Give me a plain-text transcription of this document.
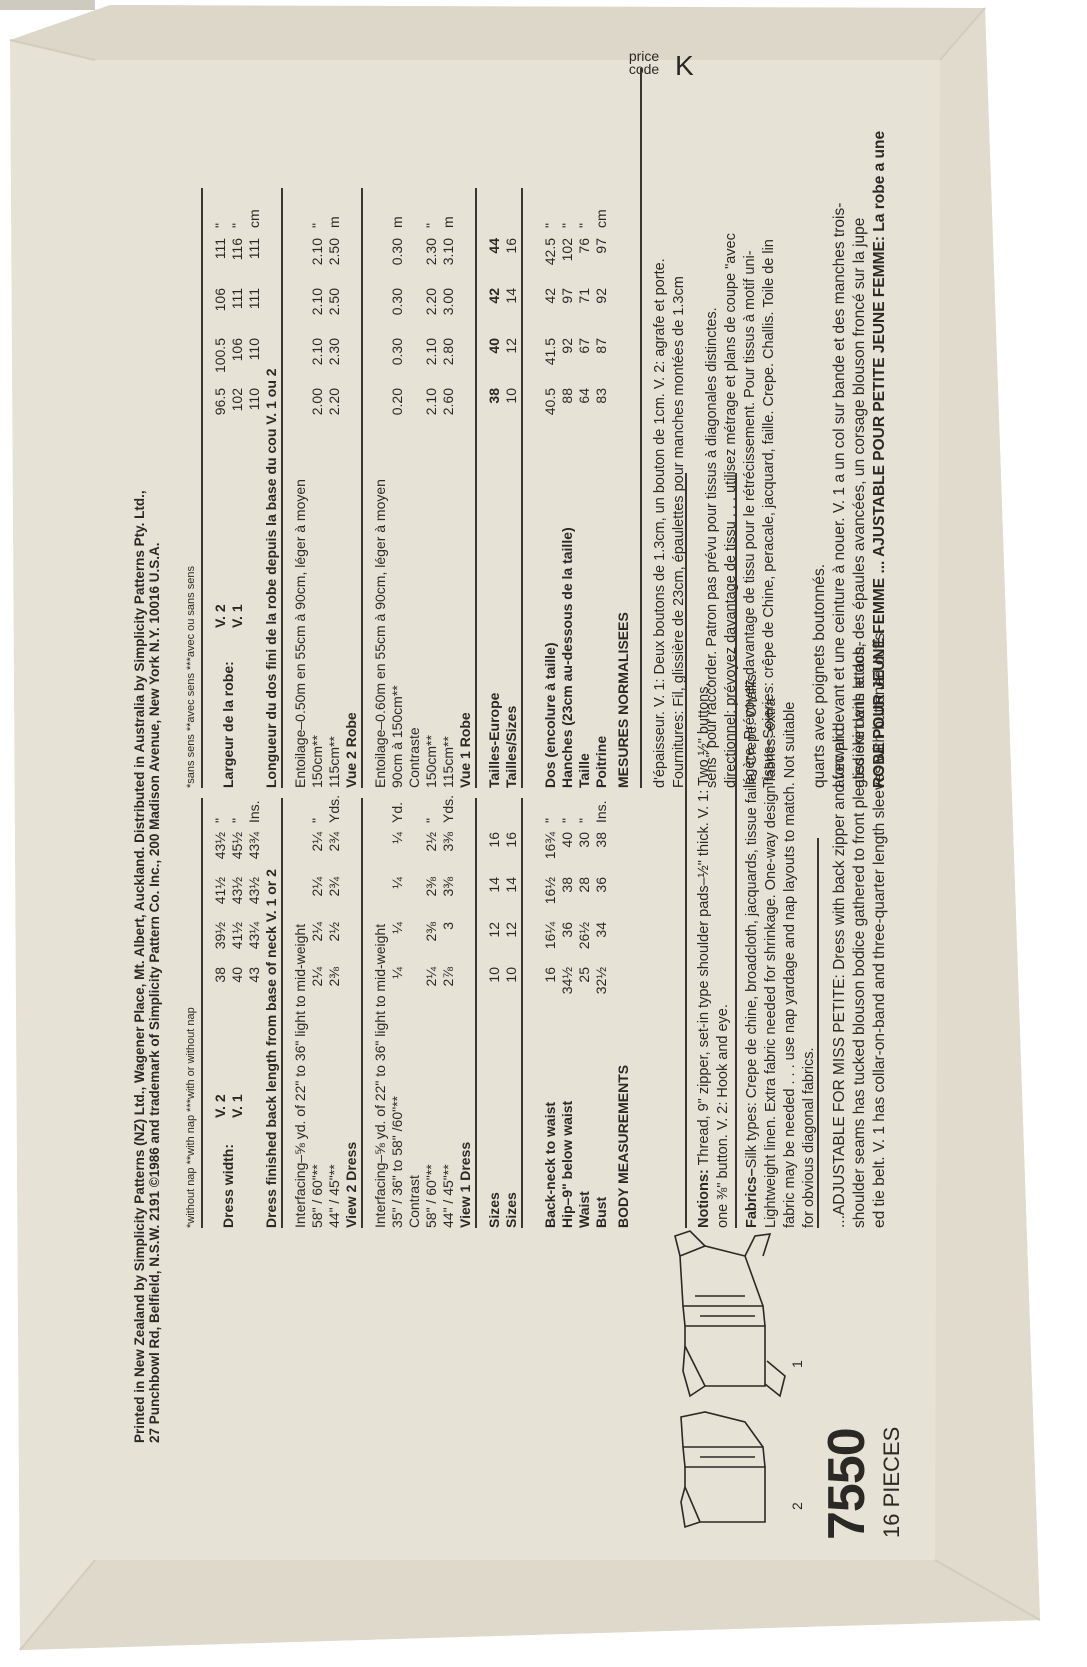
price
code K
7550 16 PIECES
1
2
...ADJUSTABLE FOR MISS PETITE: Dress with back zipper and forward shoulder seams has tucked blouson bodice gathered to front pleated skirt with attach- ed tie belt. V. 1 has collar-on-band and three-quarter length sleeves with buttoned cuffs.
Fabrics–Silk types: Crepe de chine, broadcloth, jacquards, tissue faille. Crepe. Challis. Lightweight linen. Extra fabric needed for shrinkage. One-way design fabrics: extra fabric may be needed . . . use nap yardage and nap layouts to match. Not suitable for obvious diagonal fabrics.
Notions: Thread, 9" zipper, set-in type shoulder pads–½" thick. V. 1: Two ½" buttons, one ⅜" button. V. 2: Hook and eye.
BODY MEASUREMENTS
Printed in New Zealand by Simplicity Patterns (NZ) Ltd., Wagener Place, Mt. Albert, Auckland. Distributed in Australia by Simplicity Patterns Pty. Ltd., 27 Punchbowl Rd, Belfield, N.S.W. 2191 ©1986 and trademark of Simplicity Pattern Co. Inc., 200 Madison Avenue, New York N.Y. 10016 U.S.A.	Bust
32½
34
36
38
Ins.
Waist
25
26½
28
30
"
Hip–9" below waist
34½
36
38
40
"
Back-neck to waist
16
16¼
16½
16¾
"
Sizes
10
12
14
16
Sizes
10
12
14
16
View 1 Dress
44" / 45"**
2⅞
3
3⅜
3⅜
Yds.
58" / 60"**
2¼
2⅜
2⅜
2½
"
Contrast
35" / 36" to 58" /60"**
¼
¼
¼
¼
Yd.
Interfacing–⅝ yd. of 22" to 36" light to mid-weight
View 2 Dress
44" / 45"**
2⅜
2½
2¾
2¾
Yds.
58" / 60"**
2¼
2¼
2¼
2¼
"
Interfacing–⅝ yd. of 22" to 36" light to mid-weight
Dress finished back length from base of neck V. 1 or 2
43
43¼
43½
43¾
Ins.
Dress width:
V. 1
40
41½
43½
45½
"
V. 2
38
39½
41½
43½
"
*without nap **with nap ***with or without nap
ROBE POUR JEUNE FEMME ... AJUSTABLE POUR PETITE JEUNE FEMME: La robe a une
glissière dans le dos, des épaules avancées, un corsage blouson froncé sur la jupe
avec pli devant et une ceinture à nouer. V. 1 a un col sur bande et des manches trois-
quarts avec poignets boutonnés.
Tissus–Soieries: crêpe de Chine, peracale, jacquard, faille. Crepe. Challis. Toile de lin
légère. Prévoyez davantage de tissu pour le rétrécissement. Pour tissus à motif uni-
directionnel: prévoyez davantage de tissu . . . utilisez métrage et plans de coupe "avec
sens" pour raccorder. Patron pas prévu pour tissus à diagonales distinctes.
Fournitures: Fil, glissière de 23cm, épaulettes pour manches montées de 1.3cm
d'épaisseur. V. 1: Deux boutons de 1.3cm, un bouton de 1cm. V. 2: agrafe et porte.
MESURES NORMALISEES
Poitrine
83
87
92
97
cm
Taille
64
67
71
76
"
Hanches (23cm au-dessous de la taille)
88
92
97
102
"
Dos (encolure à taille)
40.5
41.5
42
42.5
"
Tailles/Sizes
10
12
14
16
Tailles-Europe
38
40
42
44
Vue 1 Robe
115cm**
2.60
2.80
3.00
3.10
m
150cm**
2.10
2.10
2.20
2.30
"
Contraste
90cm à 150cm**
0.20
0.30
0.30
0.30
m
Entoilage–0.60m en 55cm à 90cm, léger à moyen
Vue 2 Robe
115cm**
2.20
2.30
2.50
2.50
m
150cm**
2.00
2.10
2.10
2.10
"
Entoilage–0.50m en 55cm à 90cm, léger à moyen
Longueur du dos fini de la robe depuis la base du cou V. 1 ou 2
110
110
111
111
cm
Largeur de la robe:
V. 1
102
106
111
116
"
V. 2
96.5
100.5
106
111
"
*sans sens **avec sens ***avec ou sans sens
